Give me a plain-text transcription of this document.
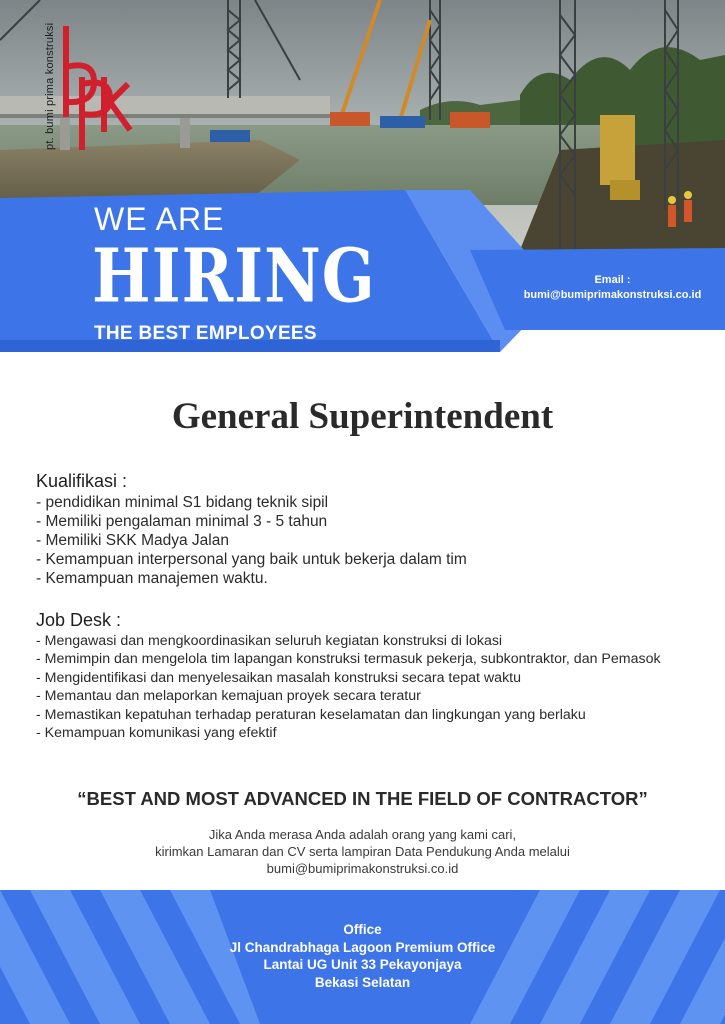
pt. bumi prima konstruksi
WE ARE
HIRING
THE BEST EMPLOYEES
Email :
bumi@bumiprimakonstruksi.co.id
General Superintendent
Kualifikasi :
- pendidikan minimal S1 bidang teknik sipil
- Memiliki pengalaman minimal 3 - 5 tahun
- Memiliki SKK Madya Jalan
- Kemampuan interpersonal yang baik untuk bekerja dalam tim
- Kemampuan manajemen waktu.
Job Desk :
- Mengawasi dan mengkoordinasikan seluruh kegiatan konstruksi di lokasi
- Memimpin dan mengelola tim lapangan konstruksi termasuk pekerja, subkontraktor, dan Pemasok
- Mengidentifikasi dan menyelesaikan masalah konstruksi secara tepat waktu
- Memantau dan melaporkan kemajuan proyek secara teratur
- Memastikan kepatuhan terhadap peraturan keselamatan dan lingkungan yang berlaku
- Kemampuan komunikasi yang efektif
“BEST AND MOST ADVANCED IN THE FIELD OF CONTRACTOR”
Jika Anda merasa Anda adalah orang yang kami cari,
kirimkan Lamaran dan CV serta lampiran Data Pendukung Anda melalui
bumi@bumiprimakonstruksi.co.id
Office
Jl Chandrabhaga Lagoon Premium Office
Lantai UG Unit 33 Pekayonjaya
Bekasi Selatan
